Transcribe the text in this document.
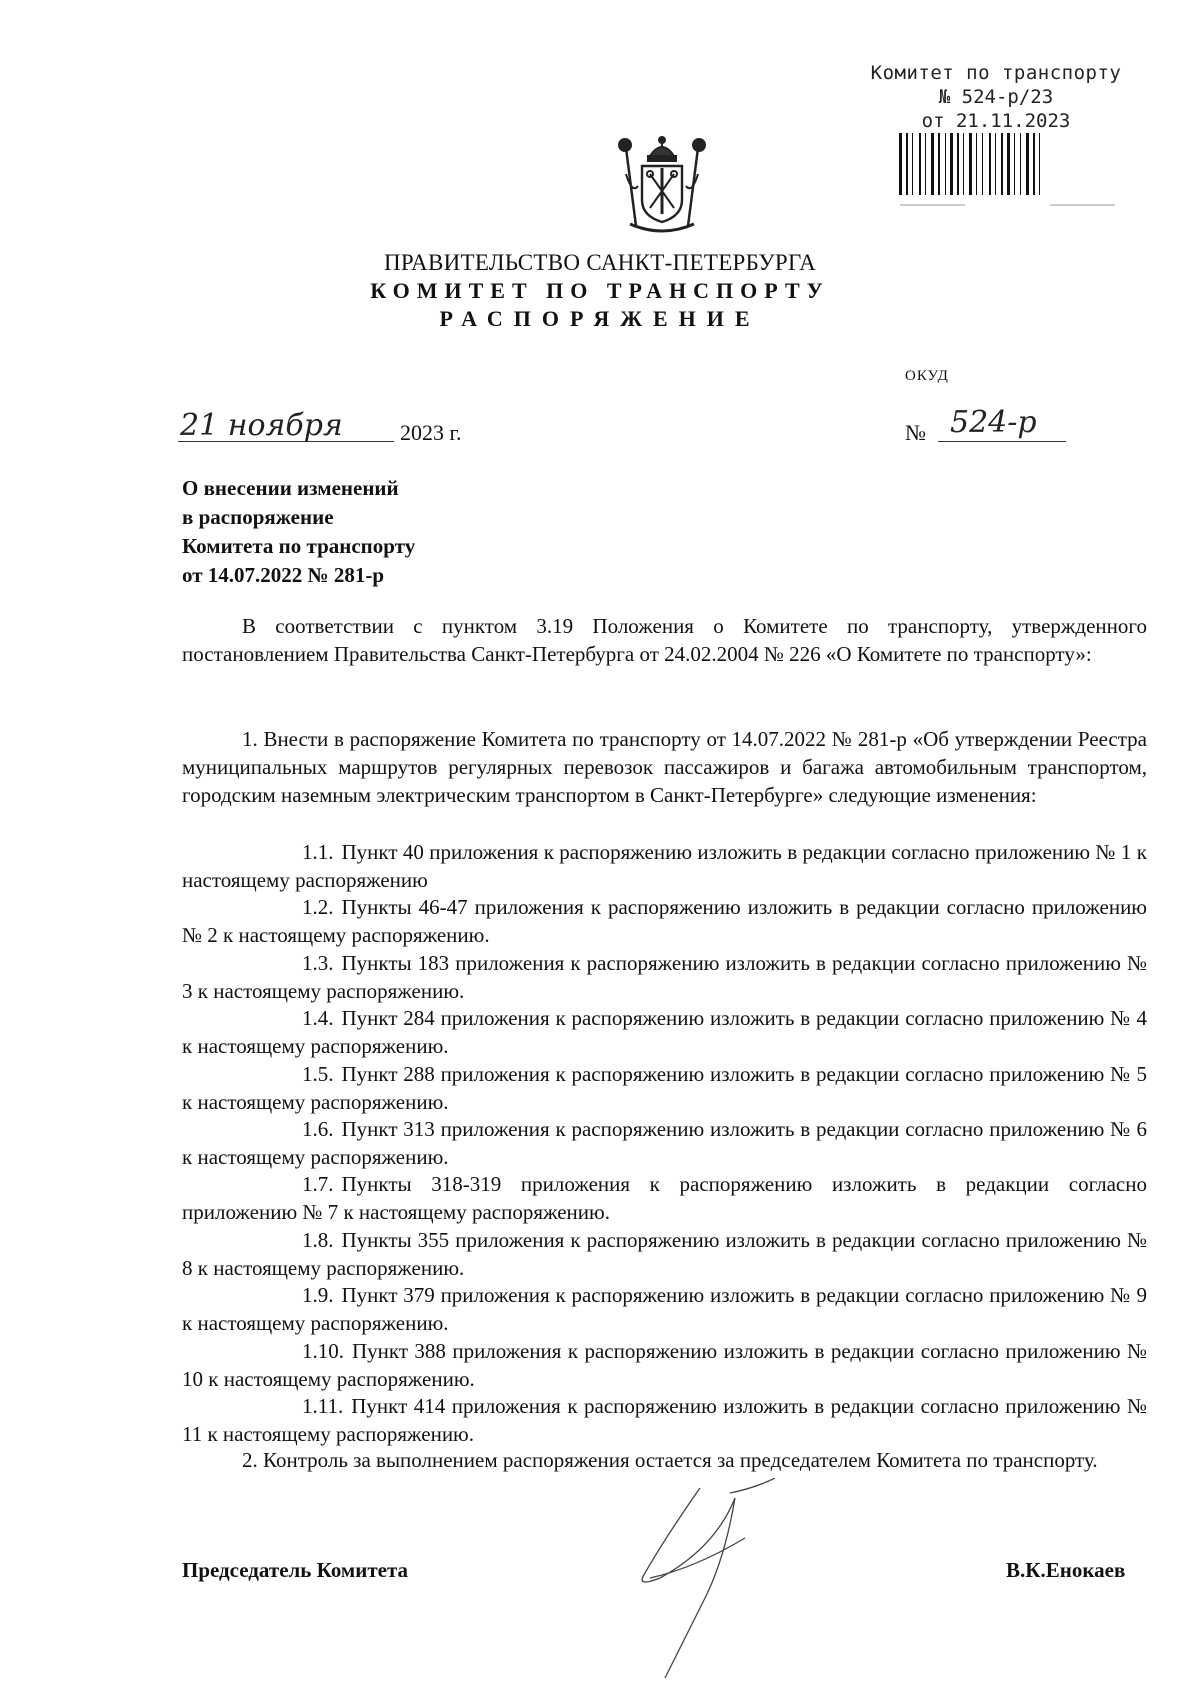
Комитет по транспорту
№ 524-р/23
от 21.11.2023
ПРАВИТЕЛЬСТВО САНКТ-ПЕТЕРБУРГА
КОМИТЕТ ПО ТРАНСПОРТУ
РАСПОРЯЖЕНИЕ
ОКУД
21 ноября	2023 г.	№ 524-р
О внесении изменений
в распоряжение
Комитета по транспорту
от 14.07.2022 № 281-р
В соответствии с пунктом 3.19 Положения о Комитете по транспорту, утвержденного постановлением Правительства Санкт-Петербурга от 24.02.2004 № 226 «О Комитете по транспорту»:
1. Внести в распоряжение Комитета по транспорту от 14.07.2022 № 281-р «Об утверждении Реестра муниципальных маршрутов регулярных перевозок пассажиров и багажа автомобильным транспортом, городским наземным электрическим транспортом в Санкт-Петербурге» следующие изменения:
1.1. Пункт 40 приложения к распоряжению изложить в редакции согласно приложению № 1 к настоящему распоряжению
1.2. Пункты 46-47 приложения к распоряжению изложить в редакции согласно приложению № 2 к настоящему распоряжению.
1.3. Пункты 183 приложения к распоряжению изложить в редакции согласно приложению № 3 к настоящему распоряжению.
1.4. Пункт 284 приложения к распоряжению изложить в редакции согласно приложению № 4 к настоящему распоряжению.
1.5. Пункт 288 приложения к распоряжению изложить в редакции согласно приложению № 5 к настоящему распоряжению.
1.6. Пункт 313 приложения к распоряжению изложить в редакции согласно приложению № 6 к настоящему распоряжению.
1.7. Пункты 318-319 приложения к распоряжению изложить в редакции согласно приложению № 7 к настоящему распоряжению.
1.8. Пункты 355 приложения к распоряжению изложить в редакции согласно приложению № 8 к настоящему распоряжению.
1.9. Пункт 379 приложения к распоряжению изложить в редакции согласно приложению № 9 к настоящему распоряжению.
1.10. Пункт 388 приложения к распоряжению изложить в редакции согласно приложению № 10 к настоящему распоряжению.
1.11. Пункт 414 приложения к распоряжению изложить в редакции согласно приложению № 11 к настоящему распоряжению.
2. Контроль за выполнением распоряжения остается за председателем Комитета по транспорту.
Председатель Комитета	В.К.Енокаев
